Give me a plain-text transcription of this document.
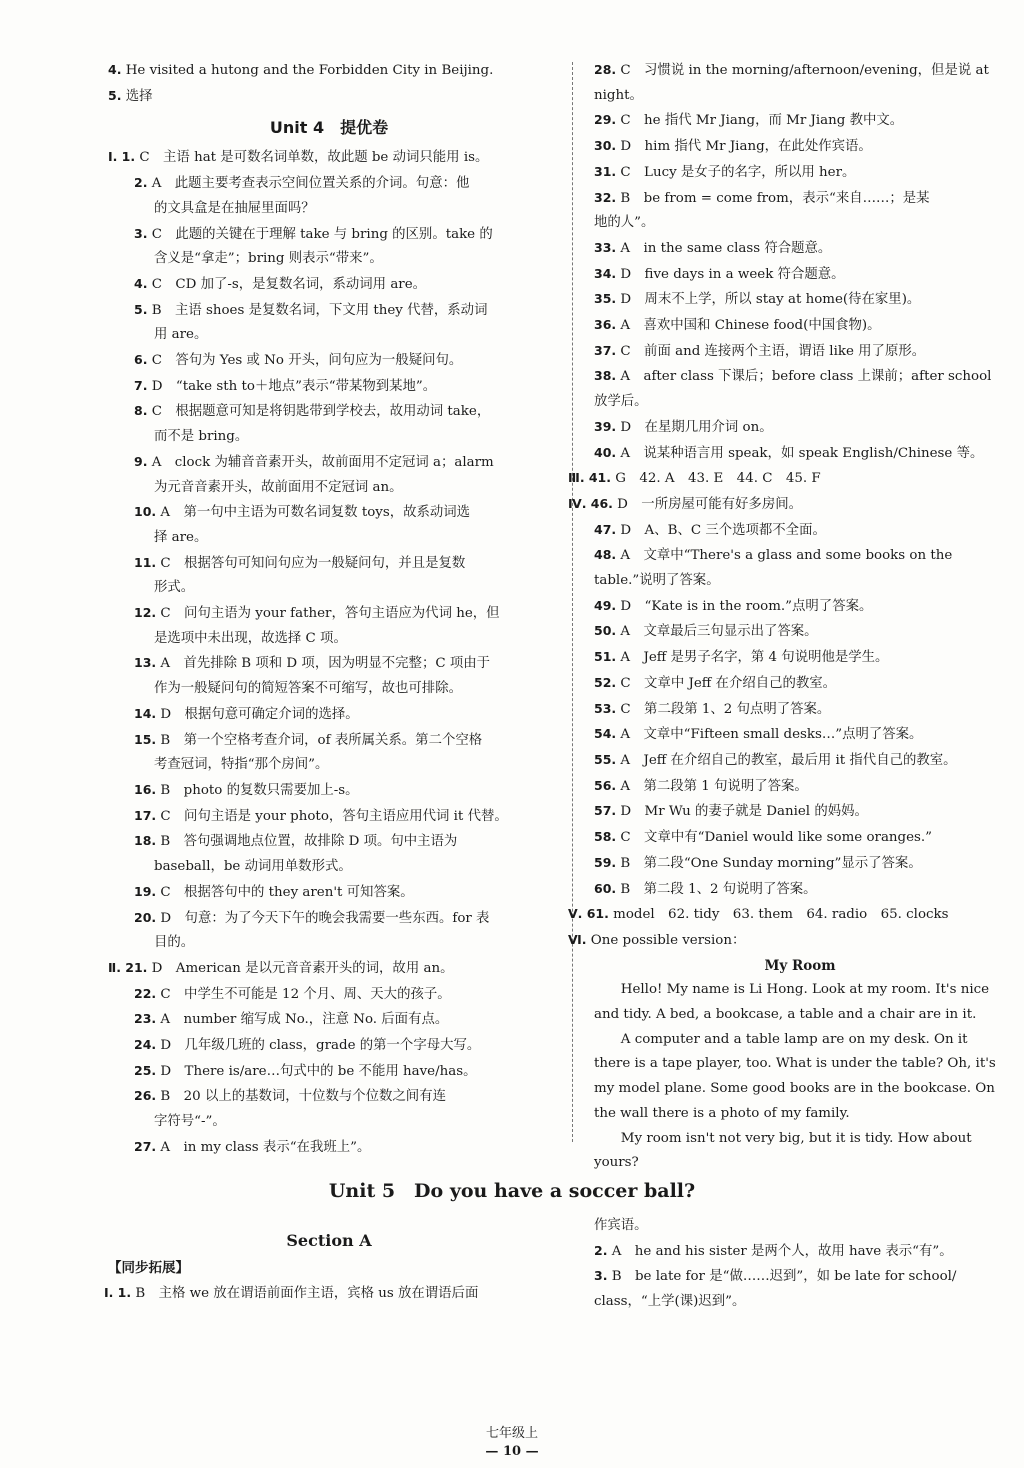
4. He visited a hutong and the Forbidden City in Beijing.
5. 选择
Unit 4　提优卷
Ⅰ. 1. C　主语 hat 是可数名词单数，故此题 be 动词只能用 is。
2. A　此题主要考查表示空间位置关系的介词。句意：他
的文具盒是在抽屉里面吗？
3. C　此题的关键在于理解 take 与 bring 的区别。take 的
含义是“拿走”；bring 则表示“带来”。
4. C　CD 加了-s，是复数名词，系动词用 are。
5. B　主语 shoes 是复数名词，下文用 they 代替，系动词
用 are。
6. C　答句为 Yes 或 No 开头，问句应为一般疑问句。
7. D　“take sth to＋地点”表示“带某物到某地”。
8. C　根据题意可知是将钥匙带到学校去，故用动词 take，
而不是 bring。
9. A　clock 为辅音音素开头，故前面用不定冠词 a；alarm
为元音音素开头，故前面用不定冠词 an。
10. A　第一句中主语为可数名词复数 toys，故系动词选
择 are。
11. C　根据答句可知问句应为一般疑问句，并且是复数
形式。
12. C　问句主语为 your father，答句主语应为代词 he，但
是选项中未出现，故选择 C 项。
13. A　首先排除 B 项和 D 项，因为明显不完整；C 项由于
作为一般疑问句的简短答案不可缩写，故也可排除。
14. D　根据句意可确定介词的选择。
15. B　第一个空格考查介词，of 表所属关系。第二个空格
考查冠词，特指“那个房间”。
16. B　photo 的复数只需要加上-s。
17. C　问句主语是 your photo，答句主语应用代词 it 代替。
18. B　答句强调地点位置，故排除 D 项。句中主语为
baseball，be 动词用单数形式。
19. C　根据答句中的 they aren't 可知答案。
20. D　句意：为了今天下午的晚会我需要一些东西。for 表
目的。
Ⅱ. 21. D　American 是以元音音素开头的词，故用 an。
22. C　中学生不可能是 12 个月、周、天大的孩子。
23. A　number 缩写成 No.，注意 No. 后面有点。
24. D　几年级几班的 class，grade 的第一个字母大写。
25. D　There is/are…句式中的 be 不能用 have/has。
26. B　20 以上的基数词，十位数与个位数之间有连
字符号“-”。
27. A　in my class 表示“在我班上”。
28. C　习惯说 in the morning/afternoon/evening，但是说 at
night。
29. C　he 指代 Mr Jiang，而 Mr Jiang 教中文。
30. D　him 指代 Mr Jiang，在此处作宾语。
31. C　Lucy 是女子的名字，所以用 her。
32. B　be from = come from，表示“来自……；是某
地的人”。
33. A　in the same class 符合题意。
34. D　five days in a week 符合题意。
35. D　周末不上学，所以 stay at home(待在家里)。
36. A　喜欢中国和 Chinese food(中国食物)。
37. C　前面 and 连接两个主语，谓语 like 用了原形。
38. A　after class 下课后；before class 上课前；after school
放学后。
39. D　在星期几用介词 on。
40. A　说某种语言用 speak，如 speak English/Chinese 等。
Ⅲ. 41. G　42. A　43. E　44. C　45. F
Ⅳ. 46. D　一所房屋可能有好多房间。
47. D　A、B、C 三个选项都不全面。
48. A　文章中“There's a glass and some books on the
table.”说明了答案。
49. D　“Kate is in the room.”点明了答案。
50. A　文章最后三句显示出了答案。
51. A　Jeff 是男子名字，第 4 句说明他是学生。
52. C　文章中 Jeff 在介绍自己的教室。
53. C　第二段第 1、2 句点明了答案。
54. A　文章中“Fifteen small desks…”点明了答案。
55. A　Jeff 在介绍自己的教室，最后用 it 指代自己的教室。
56. A　第二段第 1 句说明了答案。
57. D　Mr Wu 的妻子就是 Daniel 的妈妈。
58. C　文章中有“Daniel would like some oranges.”
59. B　第二段“One Sunday morning”显示了答案。
60. B　第二段 1、2 句说明了答案。
Ⅴ. 61. model　62. tidy　63. them　64. radio　65. clocks
Ⅵ. One possible version：
My Room
Hello! My name is Li Hong. Look at my room. It's nice and tidy. A bed, a bookcase, a table and a chair are in it.
A computer and a table lamp are on my desk. On it there is a tape player, too. What is under the table? Oh, it's my model plane. Some good books are in the bookcase. On the wall there is a photo of my family.
My room isn't not very big, but it is tidy. How about yours?
Unit 5　Do you have a soccer ball?
Section A
【同步拓展】
Ⅰ. 1. B　主格 we 放在谓语前面作主语，宾格 us 放在谓语后面
作宾语。
2. A　he and his sister 是两个人，故用 have 表示“有”。
3. B　be late for 是“做……迟到”，如 be late for school/
class，“上学(课)迟到”。
七年级上
— 10 —
